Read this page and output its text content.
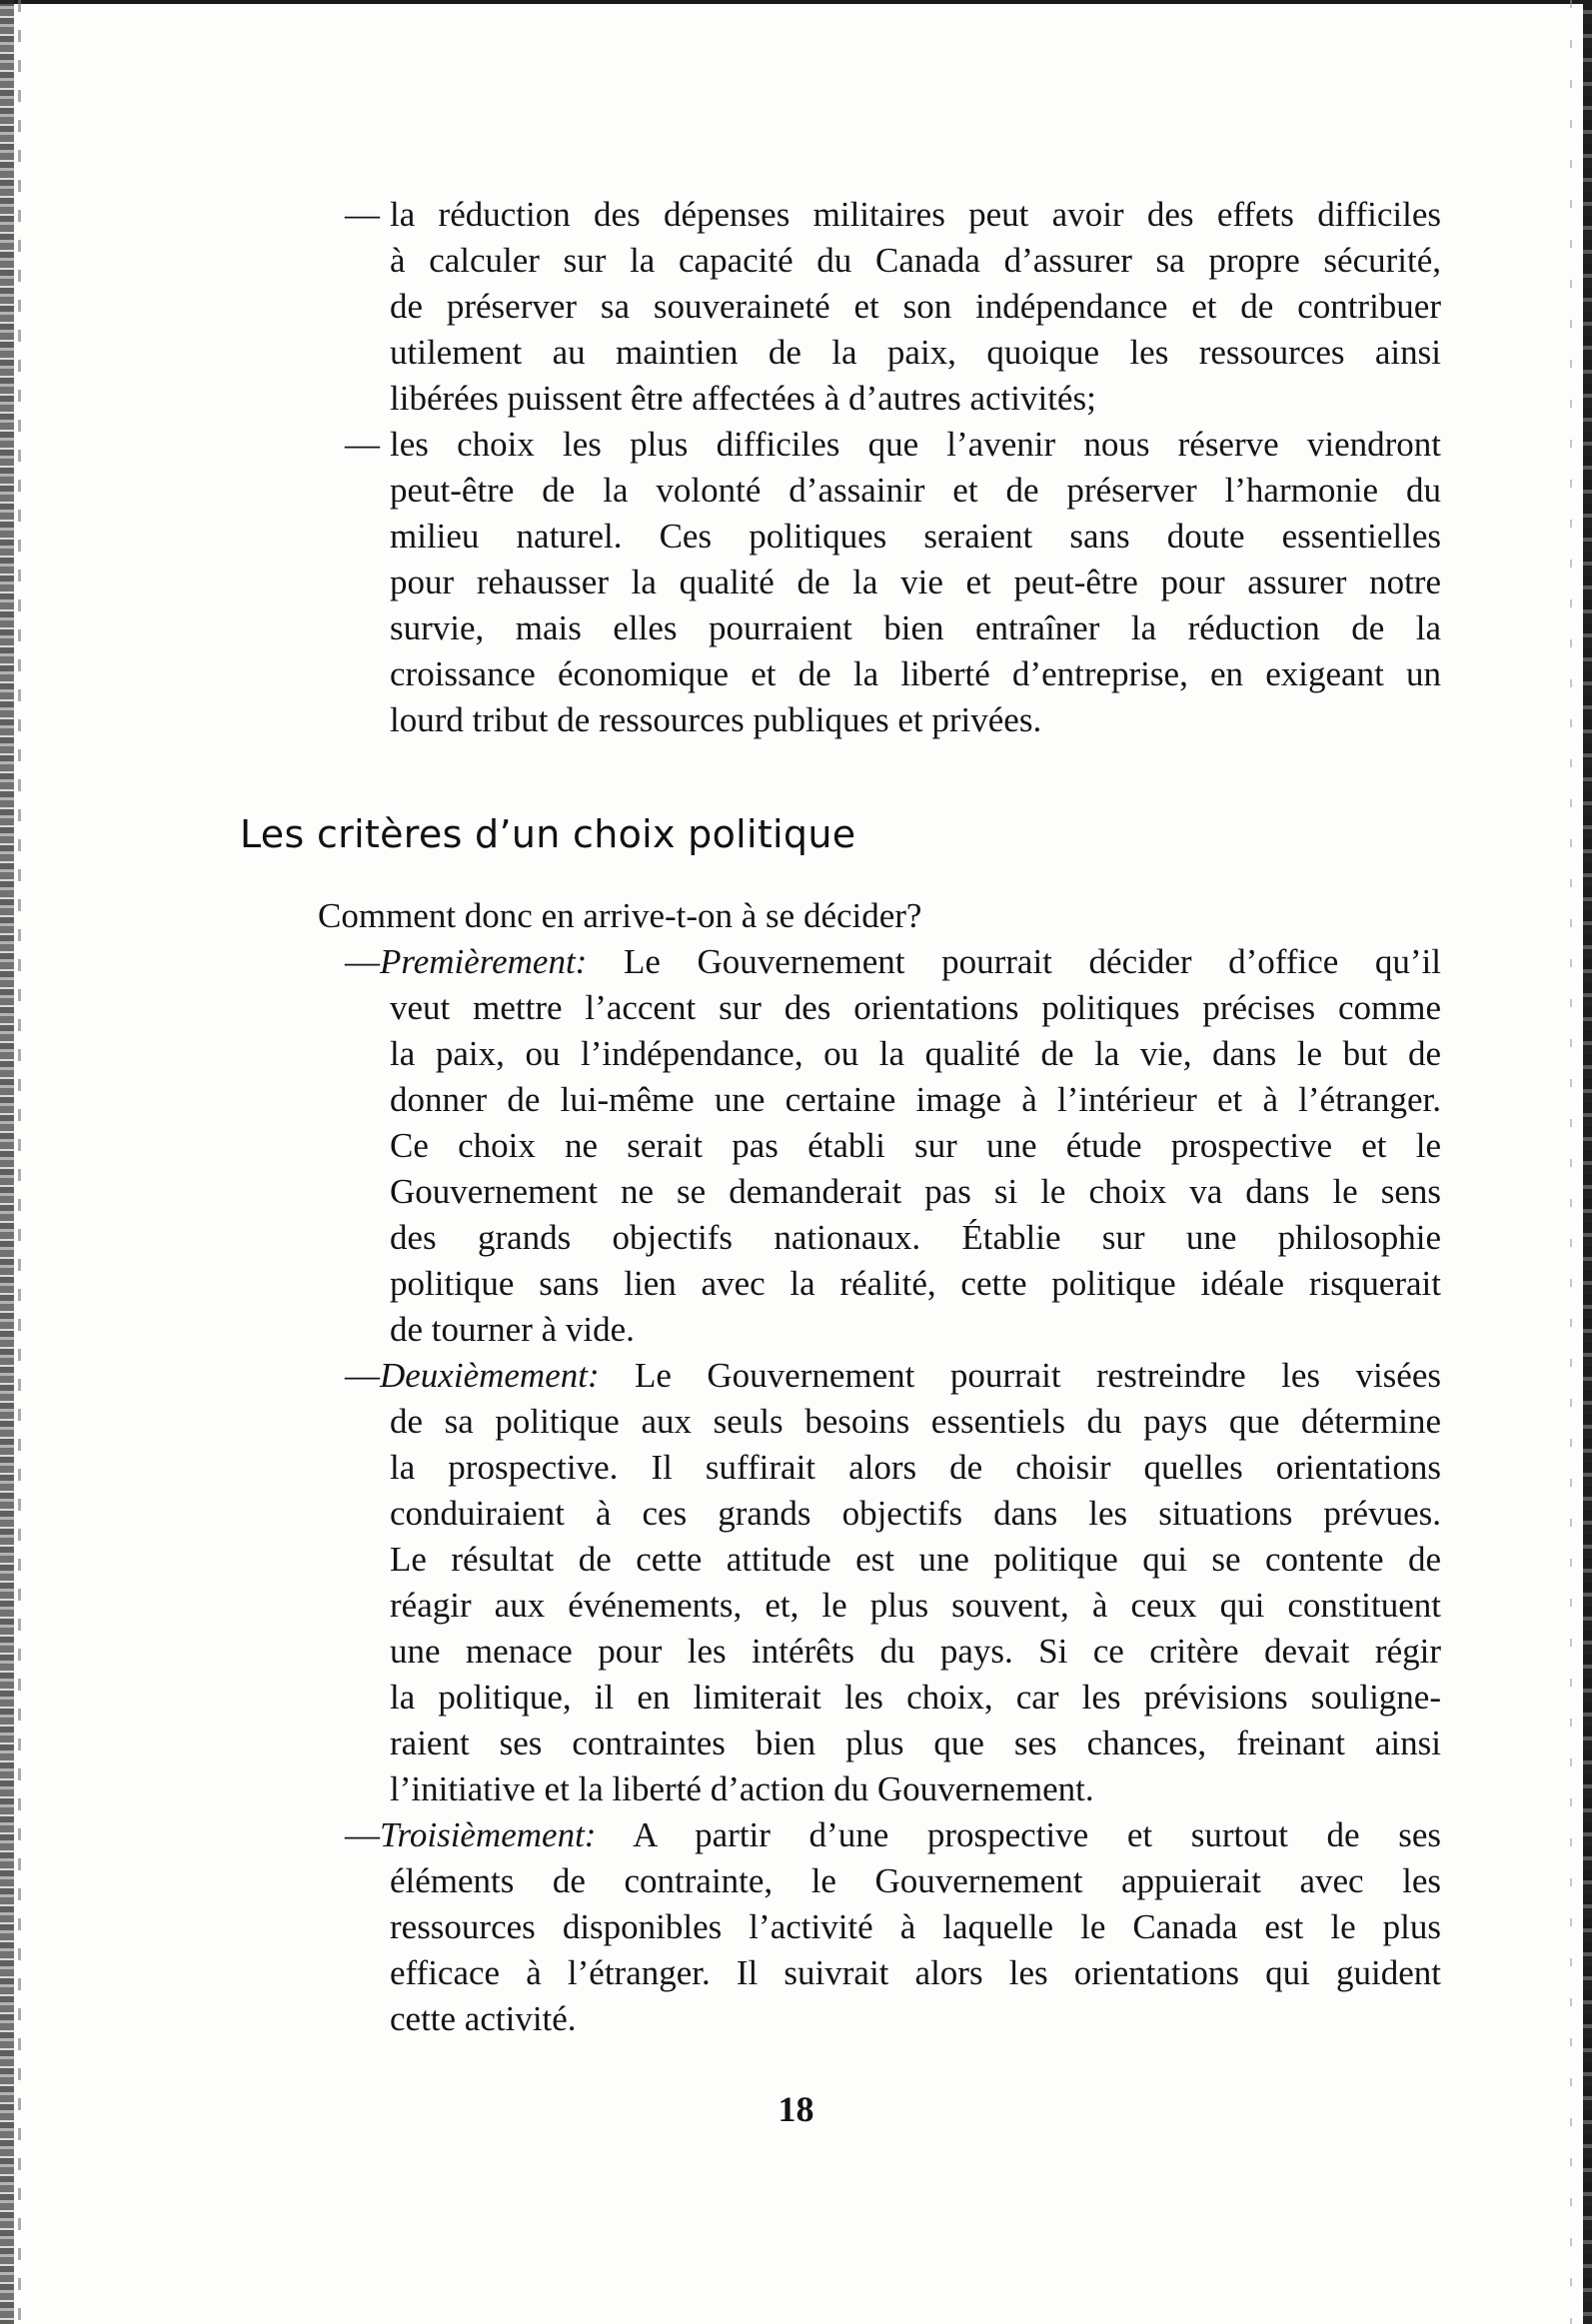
— la réduction des dépenses militaires peut avoir des effets difficiles
à calculer sur la capacité du Canada d’assurer sa propre sécurité,
de préserver sa souveraineté et son indépendance et de contribuer
utilement au maintien de la paix, quoique les ressources ainsi
libérées puissent être affectées à d’autres activités;
— les choix les plus difficiles que l’avenir nous réserve viendront
peut-être de la volonté d’assainir et de préserver l’harmonie du
milieu naturel. Ces politiques seraient sans doute essentielles
pour rehausser la qualité de la vie et peut-être pour assurer notre
survie, mais elles pourraient bien entraîner la réduction de la
croissance économique et de la liberté d’entreprise, en exigeant un
lourd tribut de ressources publiques et privées.
Les critères d’un choix politique
Comment donc en arrive-t-on à se décider?
—Premièrement: Le Gouvernement pourrait décider d’office qu’il
veut mettre l’accent sur des orientations politiques précises comme
la paix, ou l’indépendance, ou la qualité de la vie, dans le but de
donner de lui-même une certaine image à l’intérieur et à l’étranger.
Ce choix ne serait pas établi sur une étude prospective et le
Gouvernement ne se demanderait pas si le choix va dans le sens
des grands objectifs nationaux. Établie sur une philosophie
politique sans lien avec la réalité, cette politique idéale risquerait
de tourner à vide.
—Deuxièmement: Le Gouvernement pourrait restreindre les visées
de sa politique aux seuls besoins essentiels du pays que détermine
la prospective. Il suffirait alors de choisir quelles orientations
conduiraient à ces grands objectifs dans les situations prévues.
Le résultat de cette attitude est une politique qui se contente de
réagir aux événements, et, le plus souvent, à ceux qui constituent
une menace pour les intérêts du pays. Si ce critère devait régir
la politique, il en limiterait les choix, car les prévisions souligne-
raient ses contraintes bien plus que ses chances, freinant ainsi
l’initiative et la liberté d’action du Gouvernement.
—Troisièmement: A partir d’une prospective et surtout de ses
éléments de contrainte, le Gouvernement appuierait avec les
ressources disponibles l’activité à laquelle le Canada est le plus
efficace à l’étranger. Il suivrait alors les orientations qui guident
cette activité.
18
